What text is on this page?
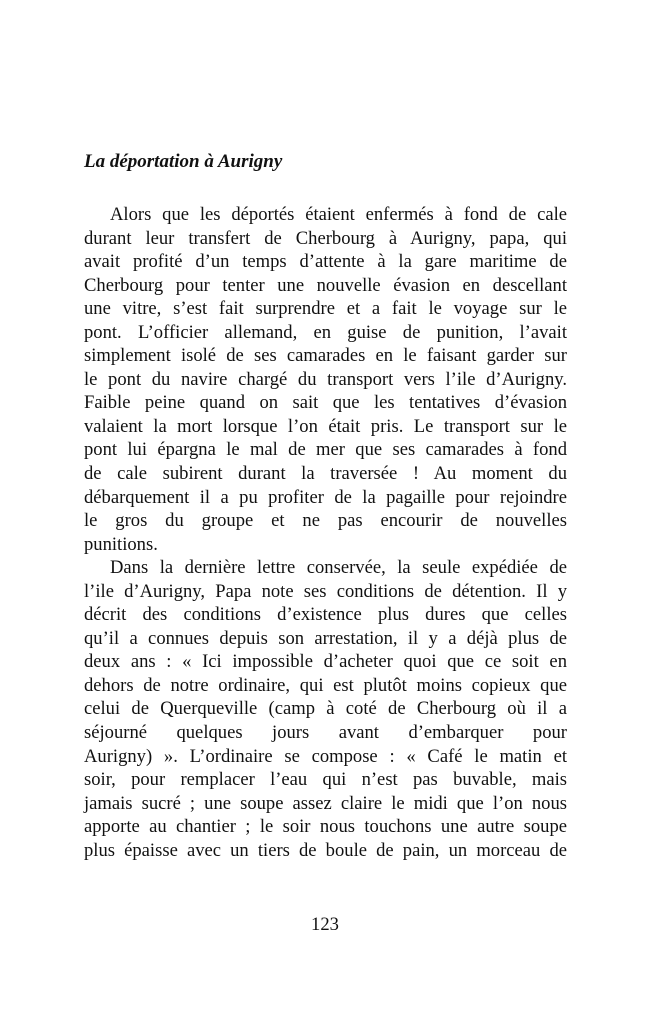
La déportation à Aurigny
Alors que les déportés étaient enfermés à fond de cale
durant leur transfert de Cherbourg à Aurigny, papa, qui
avait profité d’un temps d’attente à la gare maritime de
Cherbourg pour tenter une nouvelle évasion en descellant
une vitre, s’est fait surprendre et a fait le voyage sur le
pont. L’officier allemand, en guise de punition, l’avait
simplement isolé de ses camarades en le faisant garder sur
le pont du navire chargé du transport vers l’ile d’Aurigny.
Faible peine quand on sait que les tentatives d’évasion
valaient la mort lorsque l’on était pris. Le transport sur le
pont lui épargna le mal de mer que ses camarades à fond
de cale subirent durant la traversée ! Au moment du
débarquement il a pu profiter de la pagaille pour rejoindre
le gros du groupe et ne pas encourir de nouvelles
punitions.
Dans la dernière lettre conservée, la seule expédiée de
l’ile d’Aurigny, Papa note ses conditions de détention. Il y
décrit des conditions d’existence plus dures que celles
qu’il a connues depuis son arrestation, il y a déjà plus de
deux ans : « Ici impossible d’acheter quoi que ce soit en
dehors de notre ordinaire, qui est plutôt moins copieux que
celui de Querqueville (camp à coté de Cherbourg où il a
séjourné quelques jours avant d’embarquer pour
Aurigny) ». L’ordinaire se compose : « Café le matin et
soir, pour remplacer l’eau qui n’est pas buvable, mais
jamais sucré ; une soupe assez claire le midi que l’on nous
apporte au chantier ; le soir nous touchons une autre soupe
plus épaisse avec un tiers de boule de pain, un morceau de
123
